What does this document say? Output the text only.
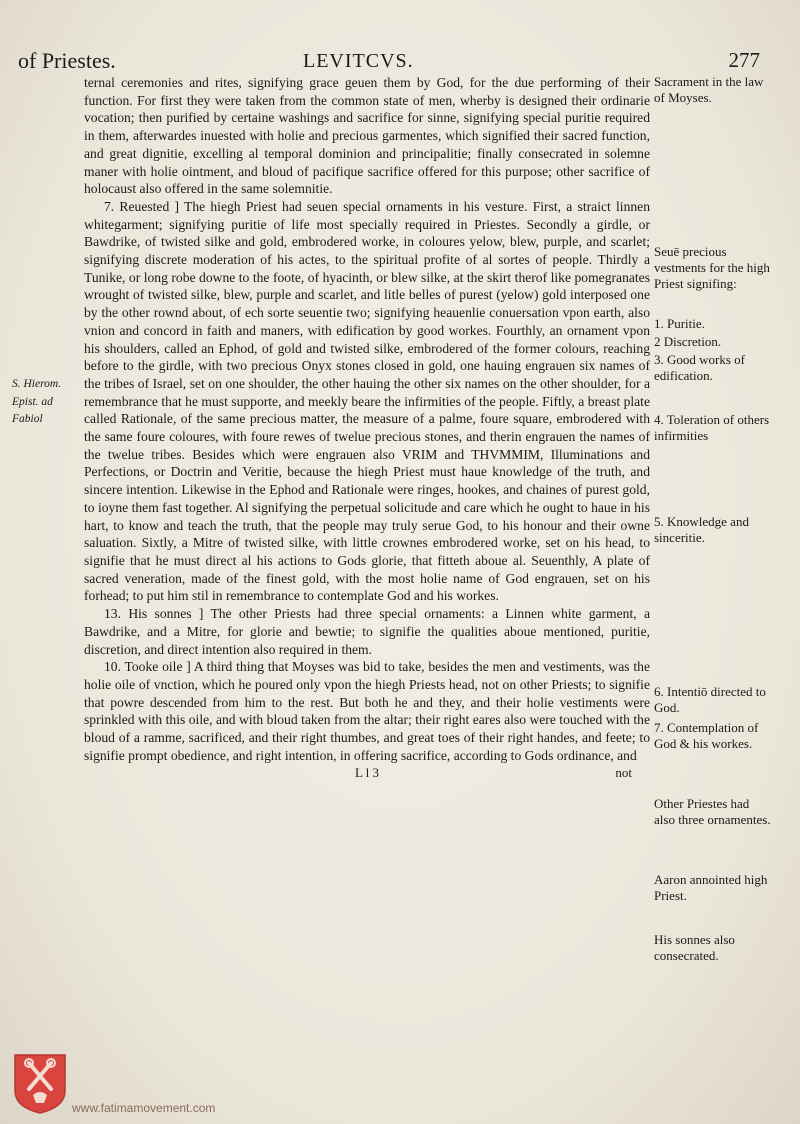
of Priestes.	LEVITCVS.	277

ternal ceremonies and rites, signifying grace geuen them by God, for the due performing of their function. For first they were taken from the common state of men, wherby is designed their ordinarie vocation; then purified by certaine washings and sacrifice for sinne, signifying special puritie required in them, afterwardes inuested with holie and precious garmentes, which signified their sacred function, and great dignitie, excelling al temporal dominion and principalitie; finally consecrated in solemne maner with holie ointment, and bloud of pacifique sacrifice offered for this purpose; other sacrifice of holocaust also offered in the same solemnitie.

7. Reuested ] The hiegh Priest had seuen special ornaments in his vesture. First, a straict linnen whitegarment; signifying puritie of life most specially required in Priestes. Secondly a girdle, or Bawdrike, of twisted silke and gold, embrodered worke, in coloures yelow, blew, purple, and scarlet; signifying discrete moderation of his actes, to the spiritual profite of al sortes of people. Thirdly a Tunike, or long robe downe to the foote, of hyacinth, or blew silke, at the skirt therof like pomegranates wrought of twisted silke, blew, purple and scarlet, and litle belles of purest (yelow) gold interposed one by the other rownd about, of ech sorte seuentie two; signifying heauenlie conuersation vpon earth, also vnion and concord in faith and maners, with edification by good workes. Fourthly, an ornament vpon his shoulders, called an Ephod, of gold and twisted silke, embrodered of the former colours, reaching before to the girdle, with two precious Onyx stones closed in gold, one hauing engrauen six names of the tribes of Israel, set on one shoulder, the other hauing the other six names on the other shoulder, for a remembrance that he must supporte, and meekly beare the infirmities of the people. Fiftly, a breast plate called Rationale, of the same precious matter, the measure of a palme, foure square, embrodered with the same foure coloures, with foure rewes of twelue precious stones, and therin engrauen the names of the twelue tribes. Besides which were engrauen also VRIM and THVMMIM, Illuminations and Perfections, or Doctrin and Veritie, because the hiegh Priest must haue knowledge of the truth, and sincere intention. Likewise in the Ephod and Rationale were ringes, hookes, and chaines of purest gold, to ioyne them fast together. Al signifying the perpetual solicitude and care which he ought to haue in his hart, to know and teach the truth, that the people may truly serue God, to his honour and their owne saluation. Sixtly, a Mitre of twisted silke, with little crownes embrodered worke, set on his head, to signifie that he must direct al his actions to Gods glorie, that fitteth aboue al. Seuenthly, A plate of sacred veneration, made of the finest gold, with the most holie name of God engrauen, set on his forhead; to put him stil in remembrance to contemplate God and his workes.

13. His sonnes ] The other Priests had three special ornaments: a Linnen white garment, a Bawdrike, and a Mitre, for glorie and bewtie; to signifie the qualities aboue mentioned, puritie, discretion, and direct intention also required in them.

10. Tooke oile ] A third thing that Moyses was bid to take, besides the men and vestiments, was the holie oile of vnction, which he poured only vpon the hiegh Priests head, not on other Priests; to signifie that powre descended from him to the rest. But both he and they, and their holie vestiments were sprinkled with this oile, and with bloud taken from the altar; their right eares also were touched with the bloud of a ramme, sacrificed, and their right thumbes, and great toes of their right handes, and feete; to signifie prompt obedience, and right intention, in offering sacrifice, according to Gods ordinance, and

L l 3	not
Sacrament in the law of Moyses.
Seuē precious vestments for the high Priest signifing:
1. Puritie.
2 Discretion.
3. Good works of edification.
4. Toleration of others infirmities
5. Knowledge and sinceritie.
6. Intentiō directed to God.
7. Contemplation of God & his workes.
Other Priestes had also three ornamentes.
Aaron annointed high Priest.
His sonnes also consecrated.
S. Hierom. Epist. ad Fabiol
www.fatimamovement.com
